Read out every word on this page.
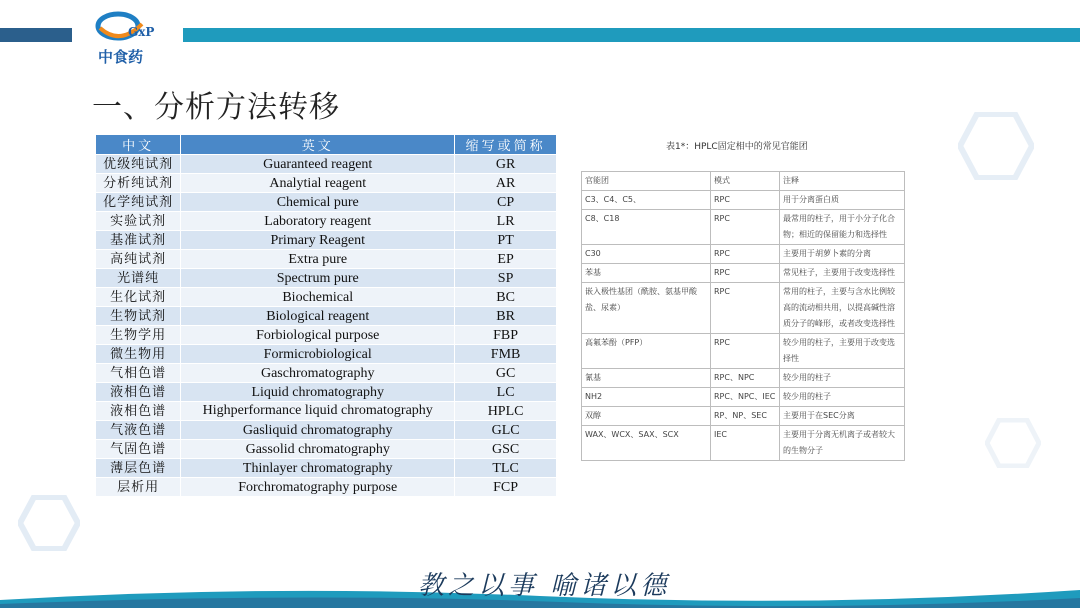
GxP
中食药
一、分析方法转移
中文	英文	缩写或简称
优级纯试剂	Guaranteed reagent	GR
分析纯试剂	Analytial reagent	AR
化学纯试剂	Chemical pure	CP
实验试剂	Laboratory reagent	LR
基准试剂	Primary Reagent	PT
高纯试剂	Extra pure	EP
光谱纯	Spectrum pure	SP
生化试剂	Biochemical	BC
生物试剂	Biological reagent	BR
生物学用	Forbiological purpose	FBP
微生物用	Formicrobiological	FMB
气相色谱	Gaschromatography	GC
液相色谱	Liquid chromatography	LC
液相色谱	Highperformance liquid chromatography	HPLC
气液色谱	Gasliquid chromatography	GLC
气固色谱	Gassolid chromatography	GSC
薄层色谱	Thinlayer chromatography	TLC
层析用	Forchromatography purpose	FCP
表1*：HPLC固定相中的常见官能团
官能团	模式	注释
C3、C4、C5、	RPC	用于分离蛋白质
C8、C18	RPC	最常用的柱子，用于小分子化合物；相近的保留能力和选择性
C30	RPC	主要用于胡萝卜素的分离
苯基	RPC	常见柱子，主要用于改变选择性
嵌入极性基团（酰胺、氨基甲酸盐、尿素）	RPC	常用的柱子，主要与含水比例较高的流动相共用，以提高碱性溶质分子的峰形，或者改变选择性
高氟苯酚（PFP）	RPC	较少用的柱子，主要用于改变选择性
氰基	RPC、NPC	较少用的柱子
NH2	RPC、NPC、IEC	较少用的柱子
双醇	RP、NP、SEC	主要用于在SEC分离
WAX、WCX、SAX、SCX	IEC	主要用于分离无机离子或者较大的生物分子
教之以事 喻诸以德
